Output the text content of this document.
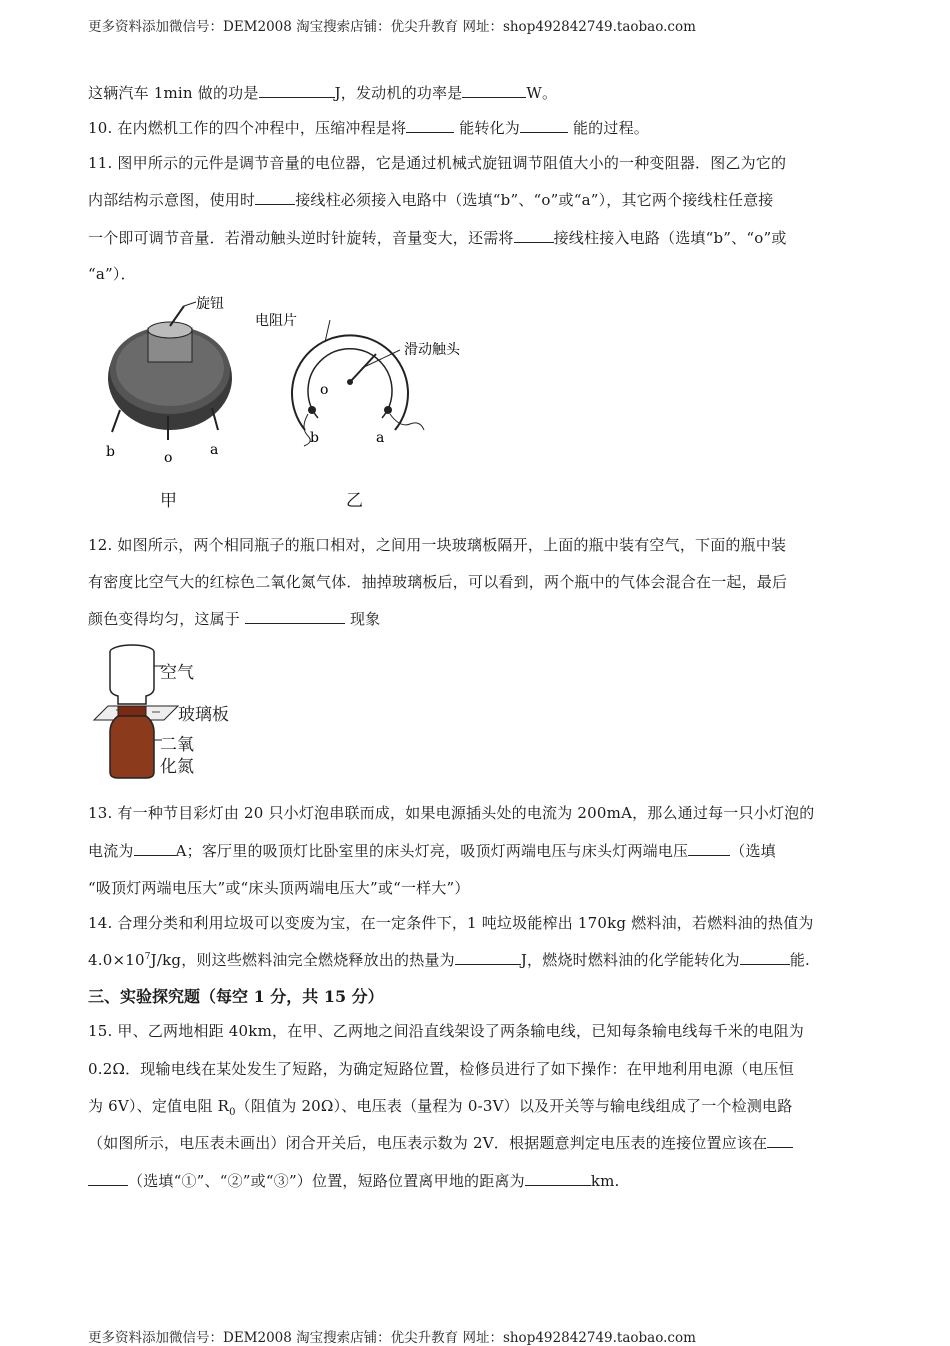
更多资料添加微信号：DEM2008 淘宝搜索店铺：优尖升教育 网址：shop492842749.taobao.com
这辆汽车 1min 做的功是	J，发动机的功率是	W。
10. 在内燃机工作的四个冲程中，压缩冲程是将	能转化为	能的过程。
11. 图甲所示的元件是调节音量的电位器，它是通过机械式旋钮调节阻值大小的一种变阻器．图乙为它的
内部结构示意图，使用时	接线柱必须接入电路中（选填“b”、“o”或“a”），其它两个接线柱任意接
一个即可调节音量．若滑动触头逆时针旋转，音量变大，还需将	接线柱接入电路（选填“b”、“o”或
“a”）．
旋钮
b	o	a
电阻片
滑动触头
o
b	a
甲	乙
12. 如图所示，两个相同瓶子的瓶口相对，之间用一块玻璃板隔开，上面的瓶中装有空气，下面的瓶中装
有密度比空气大的红棕色二氧化氮气体．抽掉玻璃板后，可以看到，两个瓶中的气体会混合在一起，最后
颜色变得均匀，这属于	现象
空气
玻璃板
二氧
化氮
13. 有一种节目彩灯由 20 只小灯泡串联而成，如果电源插头处的电流为 200mA，那么通过每一只小灯泡的
电流为	A；客厅里的吸顶灯比卧室里的床头灯亮，吸顶灯两端电压与床头灯两端电压	（选填
“吸顶灯两端电压大”或“床头顶两端电压大”或“一样大”）
14. 合理分类和利用垃圾可以变废为宝，在一定条件下，1 吨垃圾能榨出 170kg 燃料油，若燃料油的热值为
$4.0\times 10^7J/kg$，则这些燃料油完全燃烧释放出的热量为	J，燃烧时燃料油的化学能转化为	能.
三、实验探究题（每空 1 分，共 15 分）
15. 甲、乙两地相距 40km，在甲、乙两地之间沿直线架设了两条输电线，已知每条输电线每千米的电阻为
0.2Ω．现输电线在某处发生了短路，为确定短路位置，检修员进行了如下操作：在甲地利用电源（电压恒
为 6V）、定值电阻 $R_0$（阻值为 20Ω）、电压表（量程为 0-3V）以及开关等与输电线组成了一个检测电路
（如图所示，电压表未画出）闭合开关后，电压表示数为 2V．根据题意判定电压表的连接位置应该在
（选填“①”、“②”或“③”）位置，短路位置离甲地的距离为	km.
更多资料添加微信号：DEM2008 淘宝搜索店铺：优尖升教育 网址：shop492842749.taobao.com
